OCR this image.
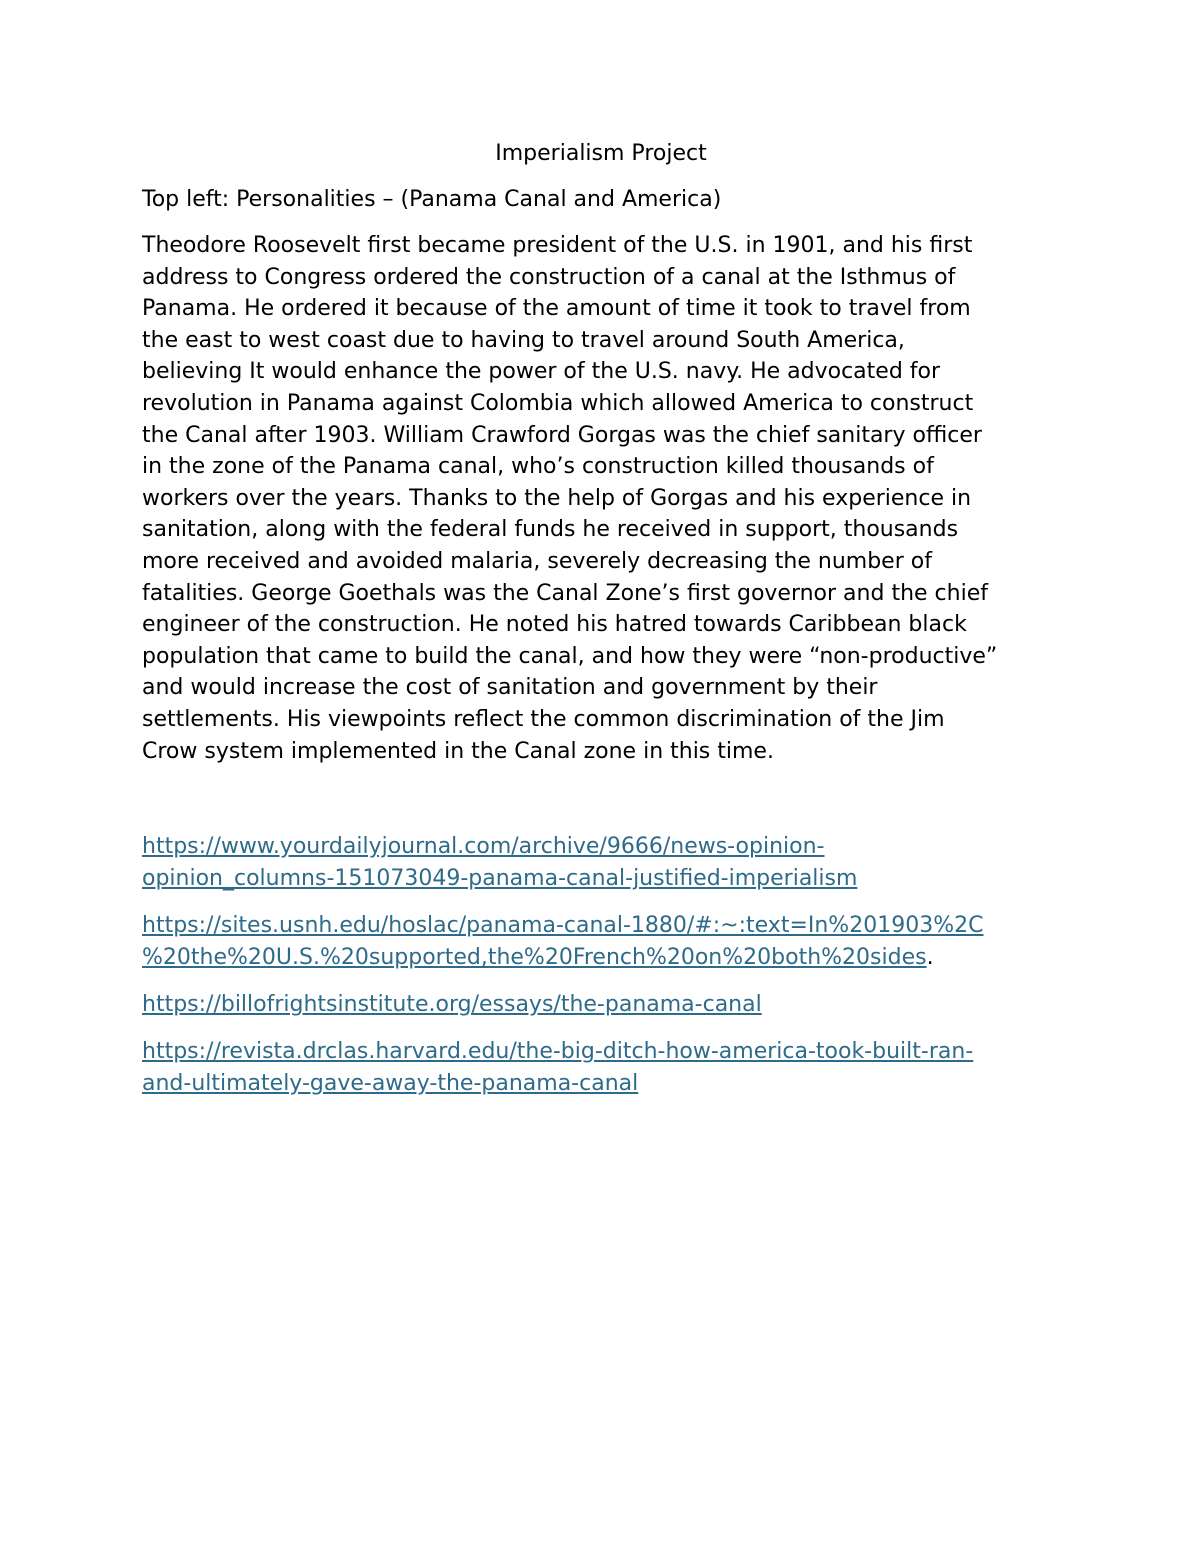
Imperialism Project
Top left: Personalities – (Panama Canal and America)

Theodore Roosevelt first became president of the U.S. in 1901, and his first
address to Congress ordered the construction of a canal at the Isthmus of
Panama. He ordered it because of the amount of time it took to travel from
the east to west coast due to having to travel around South America,
believing It would enhance the power of the U.S. navy. He advocated for
revolution in Panama against Colombia which allowed America to construct
the Canal after 1903. William Crawford Gorgas was the chief sanitary officer
in the zone of the Panama canal, who’s construction killed thousands of
workers over the years. Thanks to the help of Gorgas and his experience in
sanitation, along with the federal funds he received in support, thousands
more received and avoided malaria, severely decreasing the number of
fatalities. George Goethals was the Canal Zone’s first governor and the chief
engineer of the construction. He noted his hatred towards Caribbean black
population that came to build the canal, and how they were “non-productive”
and would increase the cost of sanitation and government by their
settlements. His viewpoints reflect the common discrimination of the Jim
Crow system implemented in the Canal zone in this time.

https://www.yourdailyjournal.com/archive/9666/news-opinion-
opinion_columns-151073049-panama-canal-justified-imperialism

https://sites.usnh.edu/hoslac/panama-canal-1880/#:~:text=In%201903%2C
%20the%20U.S.%20supported,the%20French%20on%20both%20sides.

https://billofrightsinstitute.org/essays/the-panama-canal

https://revista.drclas.harvard.edu/the-big-ditch-how-america-took-built-ran-
and-ultimately-gave-away-the-panama-canal
